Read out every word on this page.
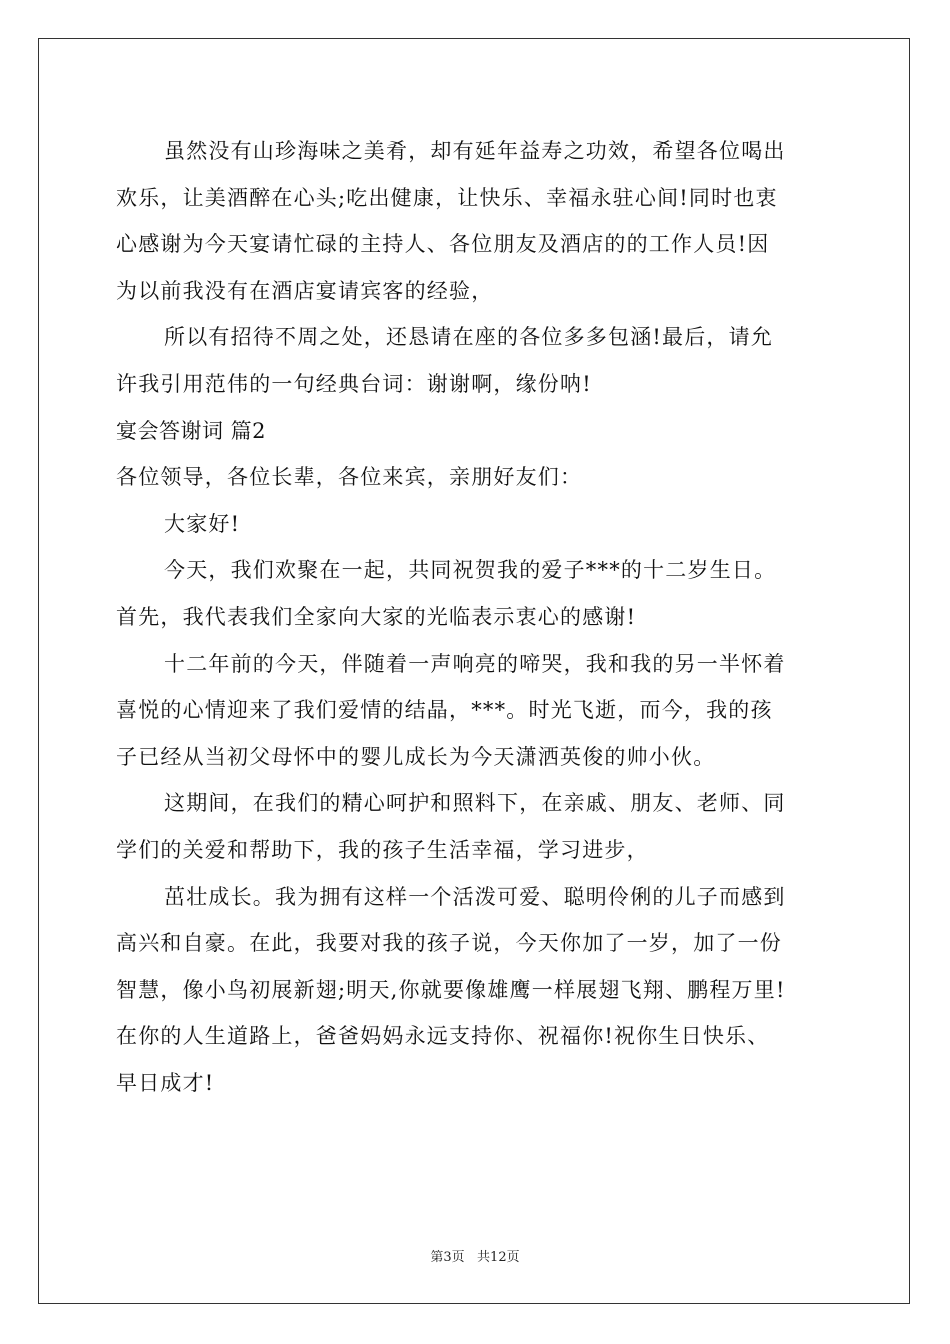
虽然没有山珍海味之美肴，却有延年益寿之功效，希望各位喝出
欢乐，让美酒醉在心头;吃出健康，让快乐、幸福永驻心间!同时也衷
心感谢为今天宴请忙碌的主持人、各位朋友及酒店的的工作人员!因
为以前我没有在酒店宴请宾客的经验，
所以有招待不周之处，还恳请在座的各位多多包涵!最后，请允
许我引用范伟的一句经典台词：谢谢啊，缘份呐!
宴会答谢词 篇2
各位领导，各位长辈，各位来宾，亲朋好友们：
大家好!
今天，我们欢聚在一起，共同祝贺我的爱子***的十二岁生日。
首先，我代表我们全家向大家的光临表示衷心的感谢!
十二年前的今天，伴随着一声响亮的啼哭，我和我的另一半怀着
喜悦的心情迎来了我们爱情的结晶，***。时光飞逝，而今，我的孩
子已经从当初父母怀中的婴儿成长为今天潇洒英俊的帅小伙。
这期间，在我们的精心呵护和照料下，在亲戚、朋友、老师、同
学们的关爱和帮助下，我的孩子生活幸福，学习进步，
茁壮成长。我为拥有这样一个活泼可爱、聪明伶俐的儿子而感到
高兴和自豪。在此，我要对我的孩子说，今天你加了一岁，加了一份
智慧，像小鸟初展新翅;明天,你就要像雄鹰一样展翅飞翔、鹏程万里!
在你的人生道路上，爸爸妈妈永远支持你、祝福你!祝你生日快乐、
早日成才!
第3页   共12页
